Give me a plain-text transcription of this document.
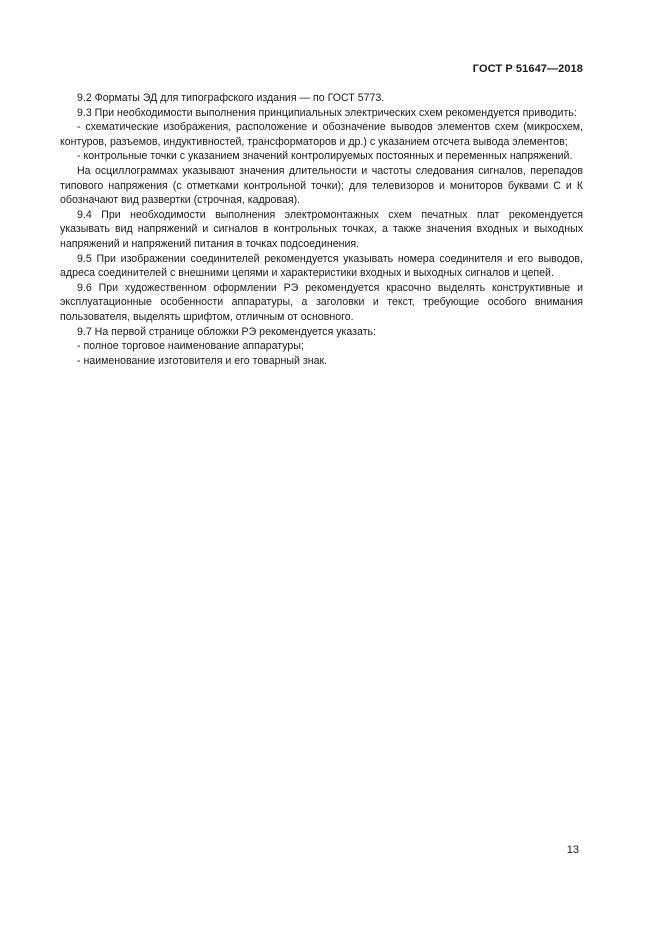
ГОСТ Р 51647—2018

9.2 Форматы ЭД для типографского издания — по ГОСТ 5773.

9.3 При необходимости выполнения принципиальных электрических схем рекомендуется приводить:

- схематические изображения, расположение и обозначение выводов элементов схем (микросхем, контуров, разъемов, индуктивностей, трансформаторов и др.) с указанием отсчета вывода элементов;

- контрольные точки с указанием значений контролируемых постоянных и переменных напряжений.

На осциллограммах указывают значения длительности и частоты следования сигналов, перепадов типового напряжения (с отметками контрольной точки); для телевизоров и мониторов буквами С и К обозначают вид развертки (строчная, кадровая).

9.4 При необходимости выполнения электромонтажных схем печатных плат рекомендуется указывать вид напряжений и сигналов в контрольных точках, а также значения входных и выходных напряжений и напряжений питания в точках подсоединения.

9.5 При изображении соединителей рекомендуется указывать номера соединителя и его выводов, адреса соединителей с внешними цепями и характеристики входных и выходных сигналов и цепей.

9.6 При художественном оформлении РЭ рекомендуется красочно выделять конструктивные и эксплуатационные особенности аппаратуры, а заголовки и текст, требующие особого внимания пользователя, выделять шрифтом, отличным от основного.

9.7 На первой странице обложки РЭ рекомендуется указать:

- полное торговое наименование аппаратуры;

- наименование изготовителя и его товарный знак.

13
